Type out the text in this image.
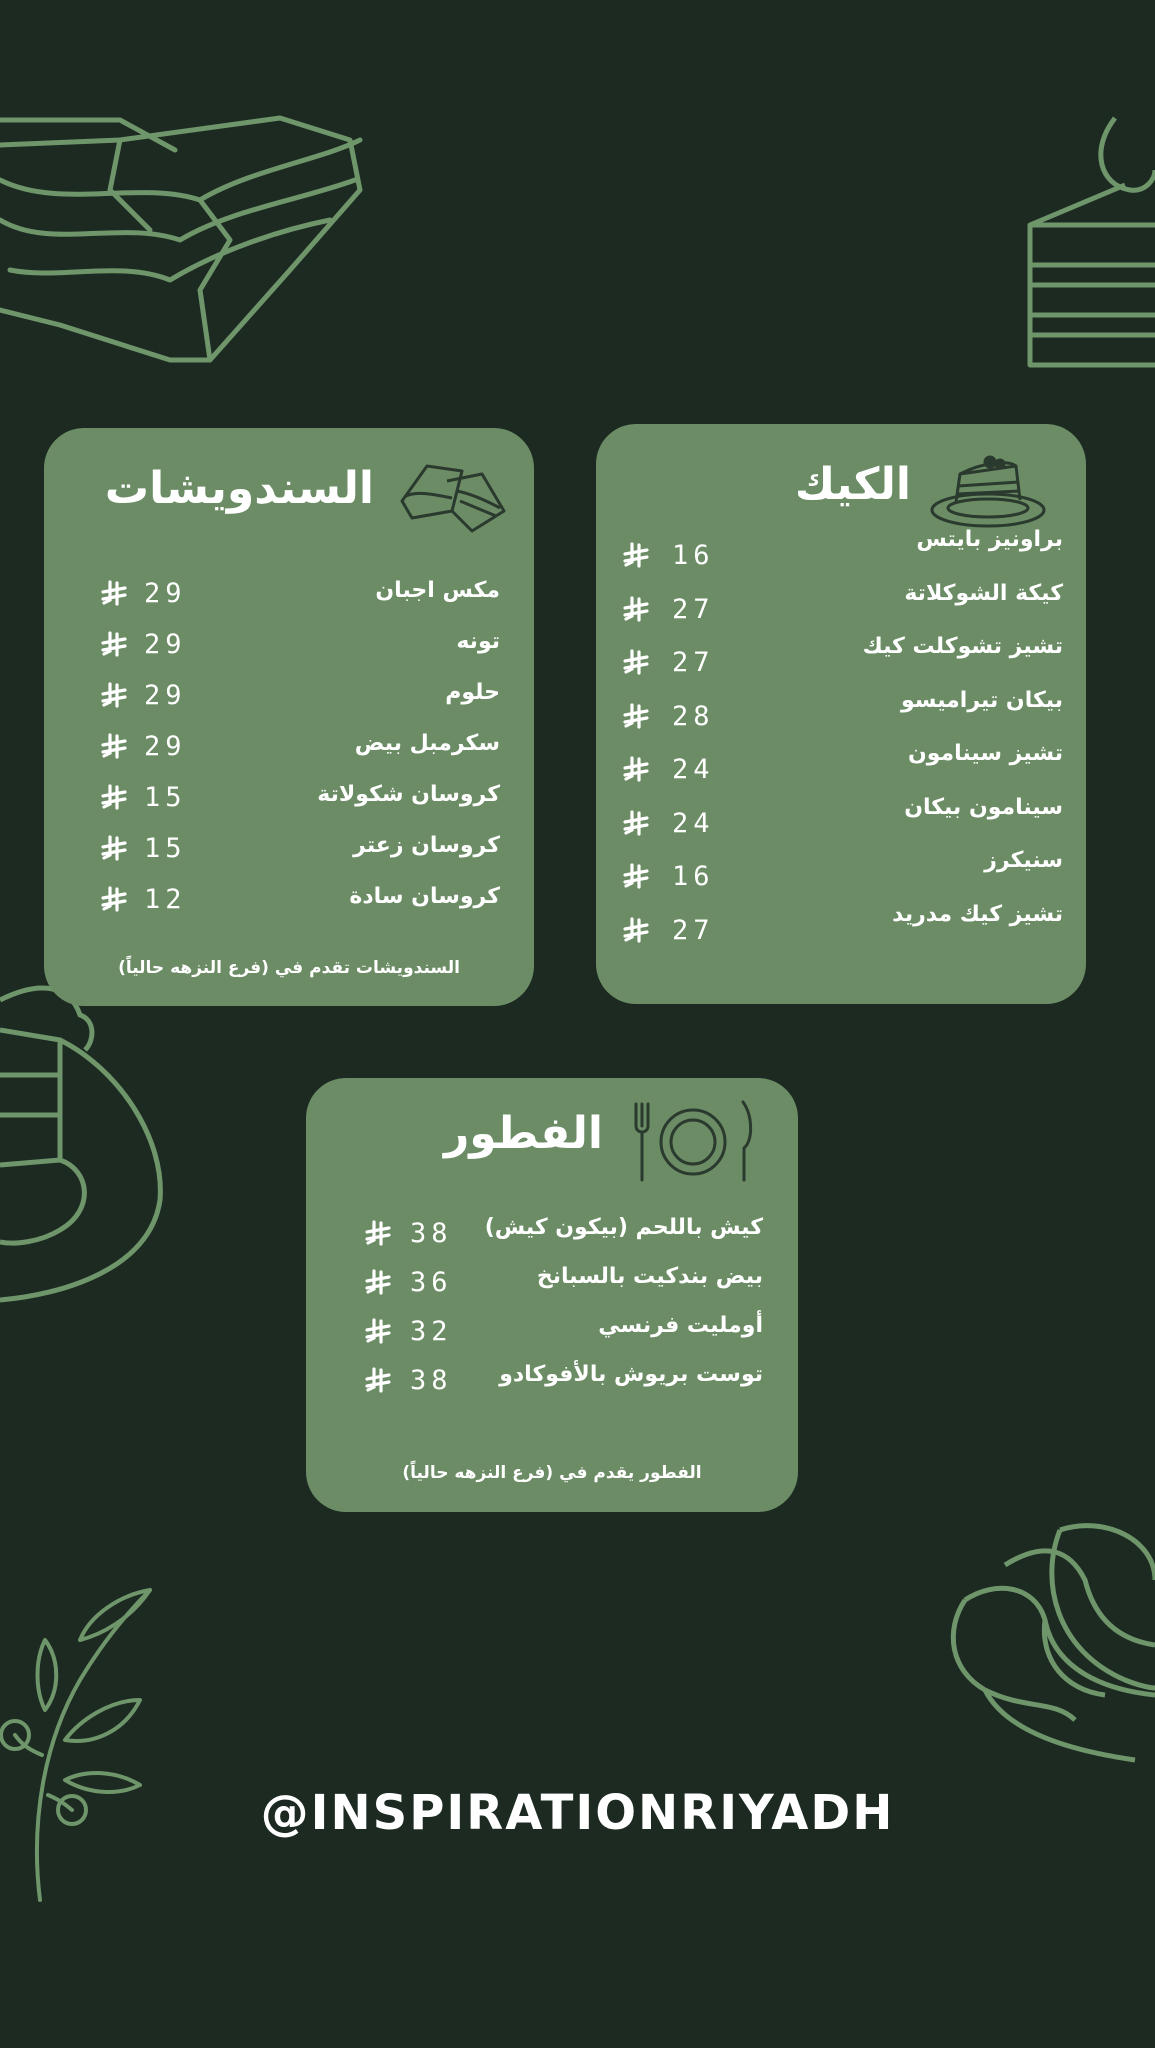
الكيك
براونيز بايتس
16
كيكة الشوكلاتة
27
تشيز تشوكلت كيك
27
بيكان تيراميسو
28
تشيز سينامون
24
سينامون بيكان
24
سنيكرز
16
تشيز كيك مدريد
27
السندويشات
السندويشات تقدم في (فرع النزهه حالياً)
مكس اجبان
29
تونه
29
حلوم
29
سكرمبل بيض
29
كروسان شكولاتة
15
كروسان زعتر
15
كروسان سادة
12
الفطور
الفطور يقدم في (فرع النزهه حالياً)
كيش باللحم (بيكون كيش)
38
بيض بندكيت بالسبانخ
36
أومليت فرنسي
32
توست بريوش بالأفوكادو
38
@INSPIRATIONRIYADH
